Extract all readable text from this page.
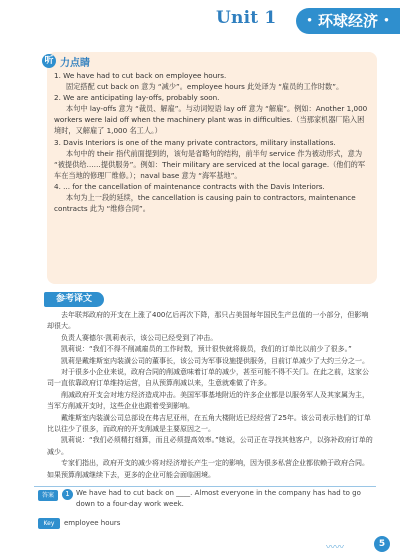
Unit 1	• 环球经济 •
听 力点睛

1. We have had to cut back on employee hours.

固定搭配 cut back on 意为 “减少”。employee hours 此处译为 “雇员的工作时数”。

2. We are anticipating lay-offs, probably soon.

本句中 lay-offs 意为 “裁员、解雇”。与动词短语 lay off 意为 “解雇”。例如：Another 1,000 workers were laid off when the machinery plant was in difficulties.（当那家机器厂陷入困境时，又解雇了 1,000 名工人。）

3. Davis Interiors is one of the many private contractors, military installations.

本句中的 their 指代前面提到的，该句是省略句的结构，前半句 service 作为被动形式，意为 “被提供给……提供服务”。例如：Their military are serviced at the local garage.（他们的军车在当地的修理厂维修。）；naval base 意为 “海军基地”。

4. ... for the cancellation of maintenance contracts with the Davis Interiors.

本句为上一段的延续，the cancellation is causing pain to contractors, maintenance contracts 此为 “维修合同”。

参考译文

去年联邦政府的开支在上涨了400亿后再次下降，那只占美国每年国民生产总值的一小部分，但影响却很大。

负责人赛德尔·凯莉表示，该公司已经受到了冲击。

凯莉说：“我们不得不削减雇员的工作时数，预计很快就将裁员，我们的订单比以前少了很多。”

凯莉是戴维斯室内装潢公司的董事长，该公司为军事设施提供服务，目前订单减少了大约三分之一。

对于很多小企业来说，政府合同的削减意味着订单的减少，甚至可能不得不关门。在此之前，这家公司一直依靠政府订单维持运营，自从预算削减以来，生意就难做了许多。

削减政府开支会对地方经济造成冲击。美国军事基地附近的许多企业都是以服务军人及其家属为主，当军方削减开支时，这些企业也跟着受到影响。

戴维斯室内装潢公司总部设在弗吉尼亚州，在五角大楼附近已经经营了25年。该公司表示他们的订单比以往少了很多，而政府的开支削减是主要原因之一。

凯莉说：“我们必须精打细算，而且必须提高效率。”她说，公司正在寻找其他客户，以弥补政府订单的减少。

专家们指出，政府开支的减少将对经济增长产生一定的影响，因为很多私营企业都依赖于政府合同。如果预算削减继续下去，更多的企业可能会面临困境。

答案	1 We have had to cut back on ____. Almost everyone in the company has had to go down to a four-day work week.
Key	employee hours
〰〰	5
